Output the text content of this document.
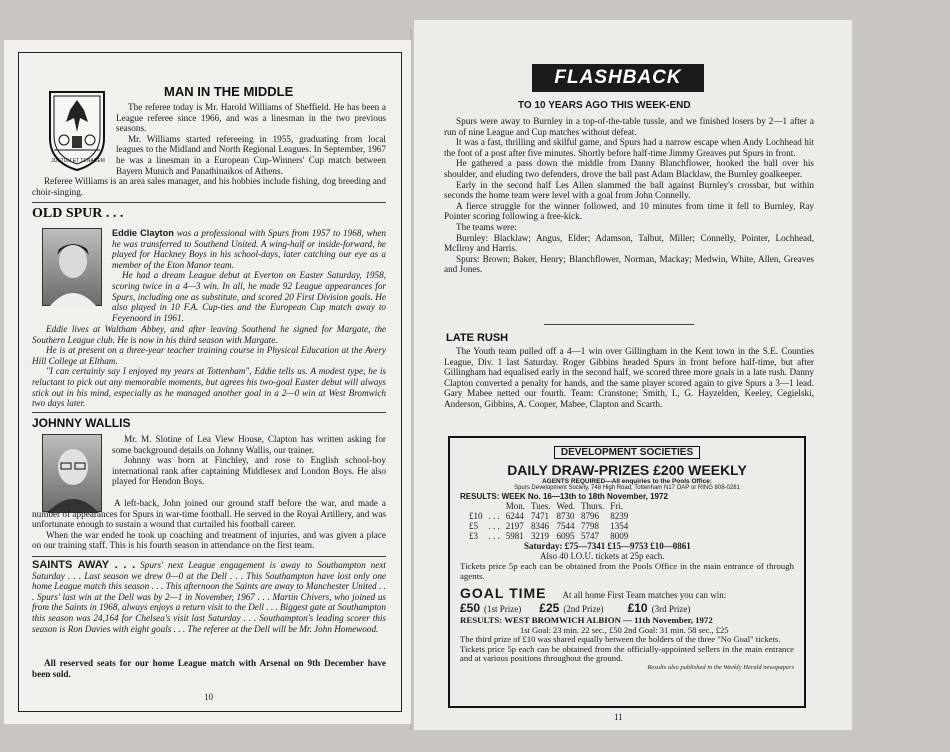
JUSTUM ET TENACEM
MAN IN THE MIDDLE

The referee today is Mr. Harold Williams of Sheffield. He has been a League referee since 1966, and was a linesman in the two previous seasons.

Mr. Williams started refereeing in 1955, graduating from local leagues to the Midland and North Regional Leagues. In September, 1967 he was a linesman in a European Cup-Winners' Cup match between Bayern Munich and Panathinaikos of Athens.

Referee Williams is an area sales manager, and his hobbies include fishing, dog breeding and choir-singing.

OLD SPUR . . .

Eddie Clayton was a professional with Spurs from 1957 to 1968, when he was transferred to Southend United. A wing-half or inside-forward, he played for Hackney Boys in his school-days, later catching our eye as a member of the Eton Manor team.

He had a dream League debut at Everton on Easter Saturday, 1958, scoring twice in a 4—3 win. In all, he made 92 League appearances for Spurs, including one as substitute, and scored 20 First Division goals. He also played in 10 F.A. Cup-ties and the European Cup match away to Feyenoord in 1961.

Eddie lives at Waltham Abbey, and after leaving Southend he signed for Margate, the Southern League club. He is now in his third season with Margate.

He is at present on a three-year teacher training course in Physical Education at the Avery Hill College at Eltham.

"I can certainly say I enjoyed my years at Tottenham", Eddie tells us. A modest type, he is reluctant to pick out any memorable moments, but agrees his two-goal Easter debut will always stick out in his mind, especially as he managed another goal in a 2—0 win at West Bromwich two days later.

JOHNNY WALLIS

Mr. M. Slotine of Lea View House, Clapton has written asking for some background details on Johnny Wallis, our trainer.

Johnny was born at Finchley, and rose to English school-boy international rank after captaining Middlesex and London Boys. He also played for Hendon Boys.

A left-back, John joined our ground staff before the war, and made a number of appearances for Spurs in war-time football. He served in the Royal Artillery, and was unfortunate enough to sustain a wound that curtailed his football career.

When the war ended he took up coaching and treatment of injuries, and was given a place on our training staff. This is his fourth season in attendance on the first team.

SAINTS AWAY . . . Spurs' next League engagement is away to Southampton next Saturday . . . Last season we drew 0—0 at the Dell . . . This Southampton have lost only one home League match this season . . . This afternoon the Saints are away to Manchester United . . . Spurs' last win at the Dell was by 2—1 in November, 1967 . . . Martin Chivers, who joined us from the Saints in 1968, always enjoys a return visit to the Dell . . . Biggest gate at Southampton this season was 24,164 for Chelsea's visit last Saturday . . . Southampton's leading scorer this season is Ron Davies with eight goals . . . The referee at the Dell will be Mr. John Homewood.

All reserved seats for our home League match with Arsenal on 9th December have been sold.

10
FLASHBACK
TO 10 YEARS AGO THIS WEEK-END

Spurs were away to Burnley in a top-of-the-table tussle, and we finished losers by 2—1 after a run of nine League and Cup matches without defeat.

It was a fast, thrilling and skilful game, and Spurs had a narrow escape when Andy Lochhead hit the foot of a post after five minutes. Shortly before half-time Jimmy Greaves put Spurs in front.

He gathered a pass down the middle from Danny Blanchflower, hooked the ball over his shoulder, and eluding two defenders, drove the ball past Adam Blacklaw, the Burnley goalkeeper.

Early in the second half Les Allen slammed the ball against Burnley's crossbar, but within seconds the home team were level with a goal from John Connelly.

A fierce struggle for the winner followed, and 10 minutes from time it fell to Burnley, Ray Pointer scoring following a free-kick.

The teams were:

Burnley: Blacklaw; Angus, Elder; Adamson, Talbut, Miller; Connelly, Pointer, Lochhead, McIlroy and Harris.

Spurs: Brown; Baker, Henry; Blanchflower, Norman, Mackay; Medwin, White, Allen, Greaves and Jones.

LATE RUSH

The Youth team pulled off a 4—1 win over Gillingham in the Kent town in the S.E. Counties League, Div. 1 last Saturday. Roger Gibbins headed Spurs in front before half-time, but after Gillingham had equalised early in the second half, we scored three more goals in a late rush. Danny Clapton converted a penalty for hands, and the same player scored again to give Spurs a 3—1 lead. Gary Mabee netted our fourth. Team: Cranstone; Smith, I., G. Hayzelden, Keeley, Cegielski, Anderson, Gibbins, A. Cooper, Mabee, Clapton and Scarth.

DEVELOPMENT SOCIETIES
DAILY DRAW-PRIZES £200 WEEKLY
AGENTS REQUIRED—All enquiries to the Pools Office:
Spurs Development Society, 748 High Road, Tottenham N17 OAP or RING 808-0281
RESULTS: WEEK No. 16—13th to 18th November, 1972
		Mon.	Tues.	Wed.	Thurs.	Fri.
£10	. . .	6244	7471	8730	8796	8239
£5	. . .	2197	8346	7544	7798	1354
£3	. . .	5981	3219	6095	5747	8009
Saturday: £75—7341 £15—9753 £10—0861
Also 40 I.O.U. tickets at 25p each.
Tickets price 5p each can be obtained from the Pools Office in the main entrance of through agents.
GOAL TIME At all home First Team matches you can win:
£50 (1st Prize) £25 (2nd Prize) £10 (3rd Prize)
RESULTS: WEST BROMWICH ALBION — 11th November, 1972
1st Goal: 23 min. 22 sec., £50 2nd Goal: 31 min. 58 sec., £25
The third prize of £10 was shared equally between the holders of the three "No Goal" tickets.
Tickets price 5p each can be obtained from the officially-appointed sellers in the main entrance and at various positions throughout the ground.
Results also published in the Weekly Herald newspapers
11
